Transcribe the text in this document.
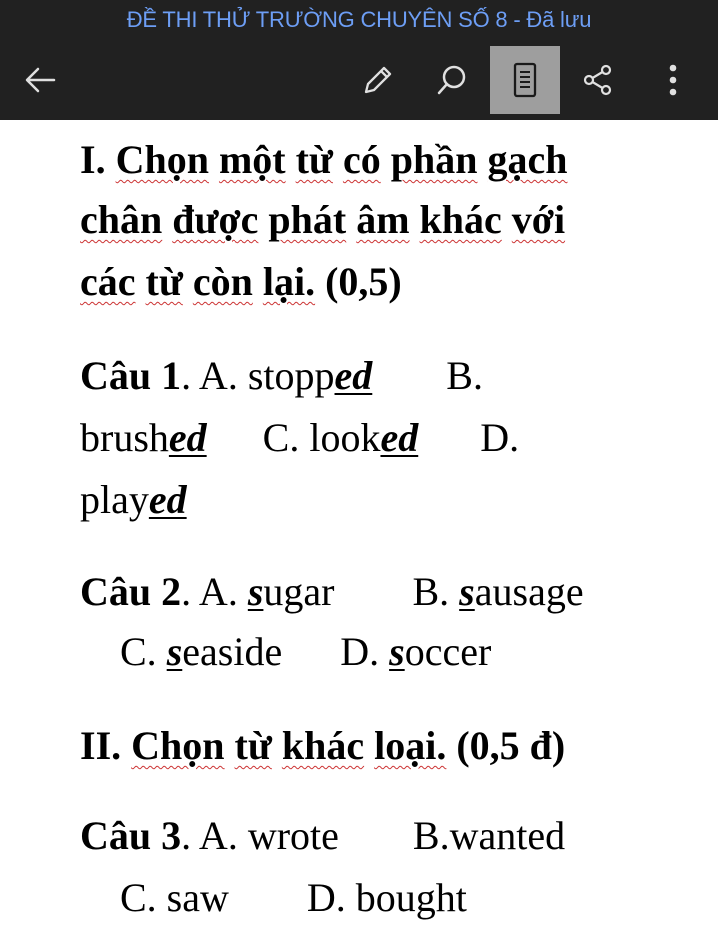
ĐỀ THI THỬ TRƯỜNG CHUYÊN SỐ 8 - Đã lưu
I. Chọn một từ có phần gạch
chân được phát âm khác với
các từ còn lại. (0,5)
Câu 1. A. stopped B.
brushed C. looked D.
played
Câu 2. A. sugar B. sausage
C. seaside D. soccer
II. Chọn từ khác loại. (0,5 đ)
Câu 3. A. wrote B.wanted
C. saw D. bought
